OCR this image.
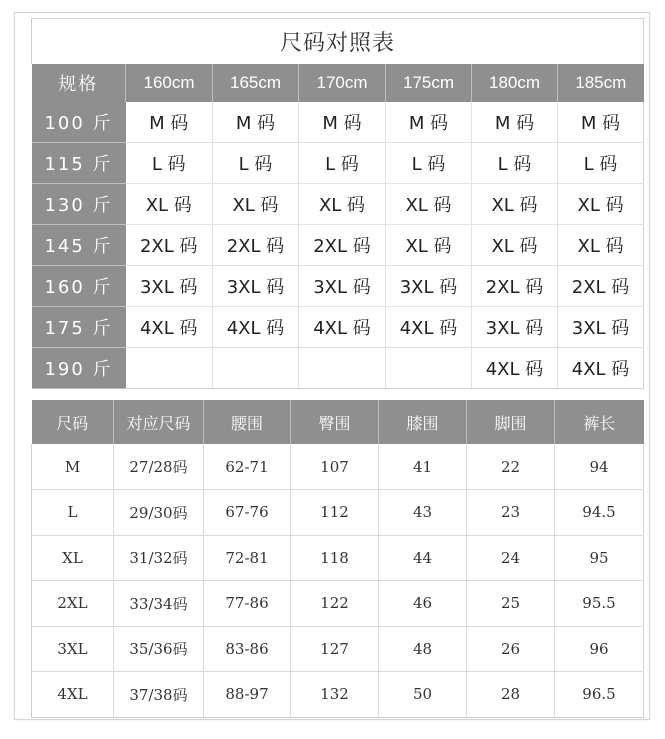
尺码对照表						
规格	160cm	165cm	170cm	175cm	180cm	185cm
100 斤	M 码	M 码	M 码	M 码	M 码	M 码
115 斤	L 码	L 码	L 码	L 码	L 码	L 码
130 斤	XL 码	XL 码	XL 码	XL 码	XL 码	XL 码
145 斤	2XL 码	2XL 码	2XL 码	XL 码	XL 码	XL 码
160 斤	3XL 码	3XL 码	3XL 码	3XL 码	2XL 码	2XL 码
175 斤	4XL 码	4XL 码	4XL 码	4XL 码	3XL 码	3XL 码
190 斤					4XL 码	4XL 码
尺码	对应尺码	腰围	臀围	膝围	脚围	裤长
M	27/28码	62-71	107	41	22	94
L	29/30码	67-76	112	43	23	94.5
XL	31/32码	72-81	118	44	24	95
2XL	33/34码	77-86	122	46	25	95.5
3XL	35/36码	83-86	127	48	26	96
4XL	37/38码	88-97	132	50	28	96.5
